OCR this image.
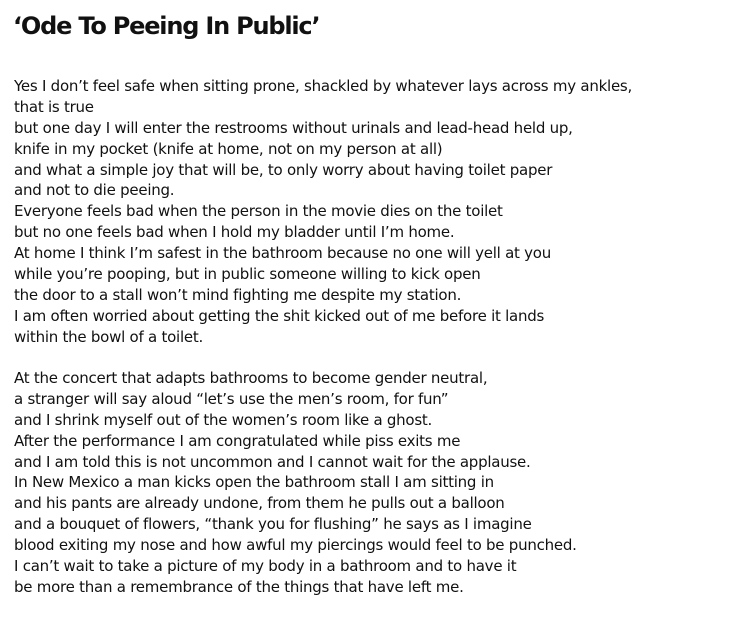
‘Ode To Peeing In Public’
Yes I don’t feel safe when sitting prone, shackled by whatever lays across my ankles,
that is true
but one day I will enter the restrooms without urinals and lead-head held up,
knife in my pocket (knife at home, not on my person at all)
and what a simple joy that will be, to only worry about having toilet paper
and not to die peeing.
Everyone feels bad when the person in the movie dies on the toilet
but no one feels bad when I hold my bladder until I’m home.
At home I think I’m safest in the bathroom because no one will yell at you
while you’re pooping, but in public someone willing to kick open
the door to a stall won’t mind fighting me despite my station.
I am often worried about getting the shit kicked out of me before it lands
within the bowl of a toilet.
At the concert that adapts bathrooms to become gender neutral,
a stranger will say aloud “let’s use the men’s room, for fun”
and I shrink myself out of the women’s room like a ghost.
After the performance I am congratulated while piss exits me
and I am told this is not uncommon and I cannot wait for the applause.
In New Mexico a man kicks open the bathroom stall I am sitting in
and his pants are already undone, from them he pulls out a balloon
and a bouquet of flowers, “thank you for flushing” he says as I imagine
blood exiting my nose and how awful my piercings would feel to be punched.
I can’t wait to take a picture of my body in a bathroom and to have it
be more than a remembrance of the things that have left me.
